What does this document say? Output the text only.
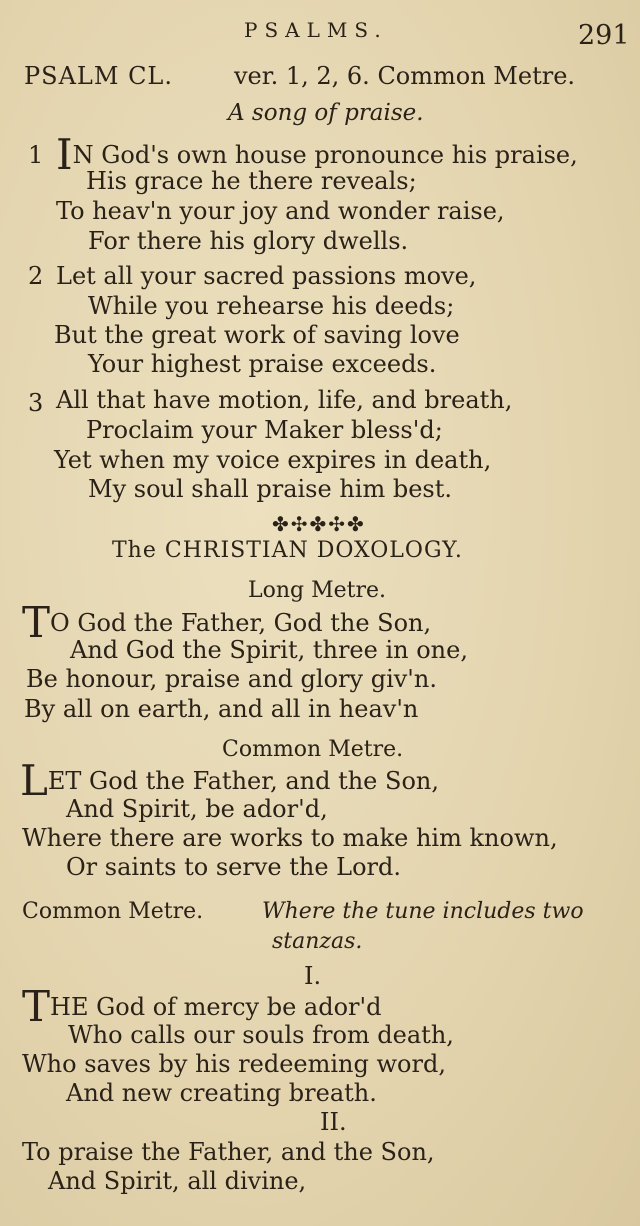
PSALMS.	291
PSALM CL.	ver. 1, 2, 6. Common Metre.
A song of praise.
1 IN God's own house pronounce his praise,
His grace he there reveals;
To heav'n your joy and wonder raise,
For there his glory dwells.
2 Let all your sacred passions move,
While you rehearse his deeds;
But the great work of saving love
Your highest praise exceeds.
3 All that have motion, life, and breath,
Proclaim your Maker bless'd;
Yet when my voice expires in death,
My soul shall praise him best.
✤✣✤✣✤
The CHRISTIAN DOXOLOGY.
Long Metre.
TO God the Father, God the Son,
And God the Spirit, three in one,
Be honour, praise and glory giv'n.
By all on earth, and all in heav'n
Common Metre.
LET God the Father, and the Son,
And Spirit, be ador'd,
Where there are works to make him known,
Or saints to serve the Lord.
Common Metre.	Where the tune includes two
stanzas.
I.
THE God of mercy be ador'd
Who calls our souls from death,
Who saves by his redeeming word,
And new creating breath.
II.
To praise the Father, and the Son,
And Spirit, all divine,
